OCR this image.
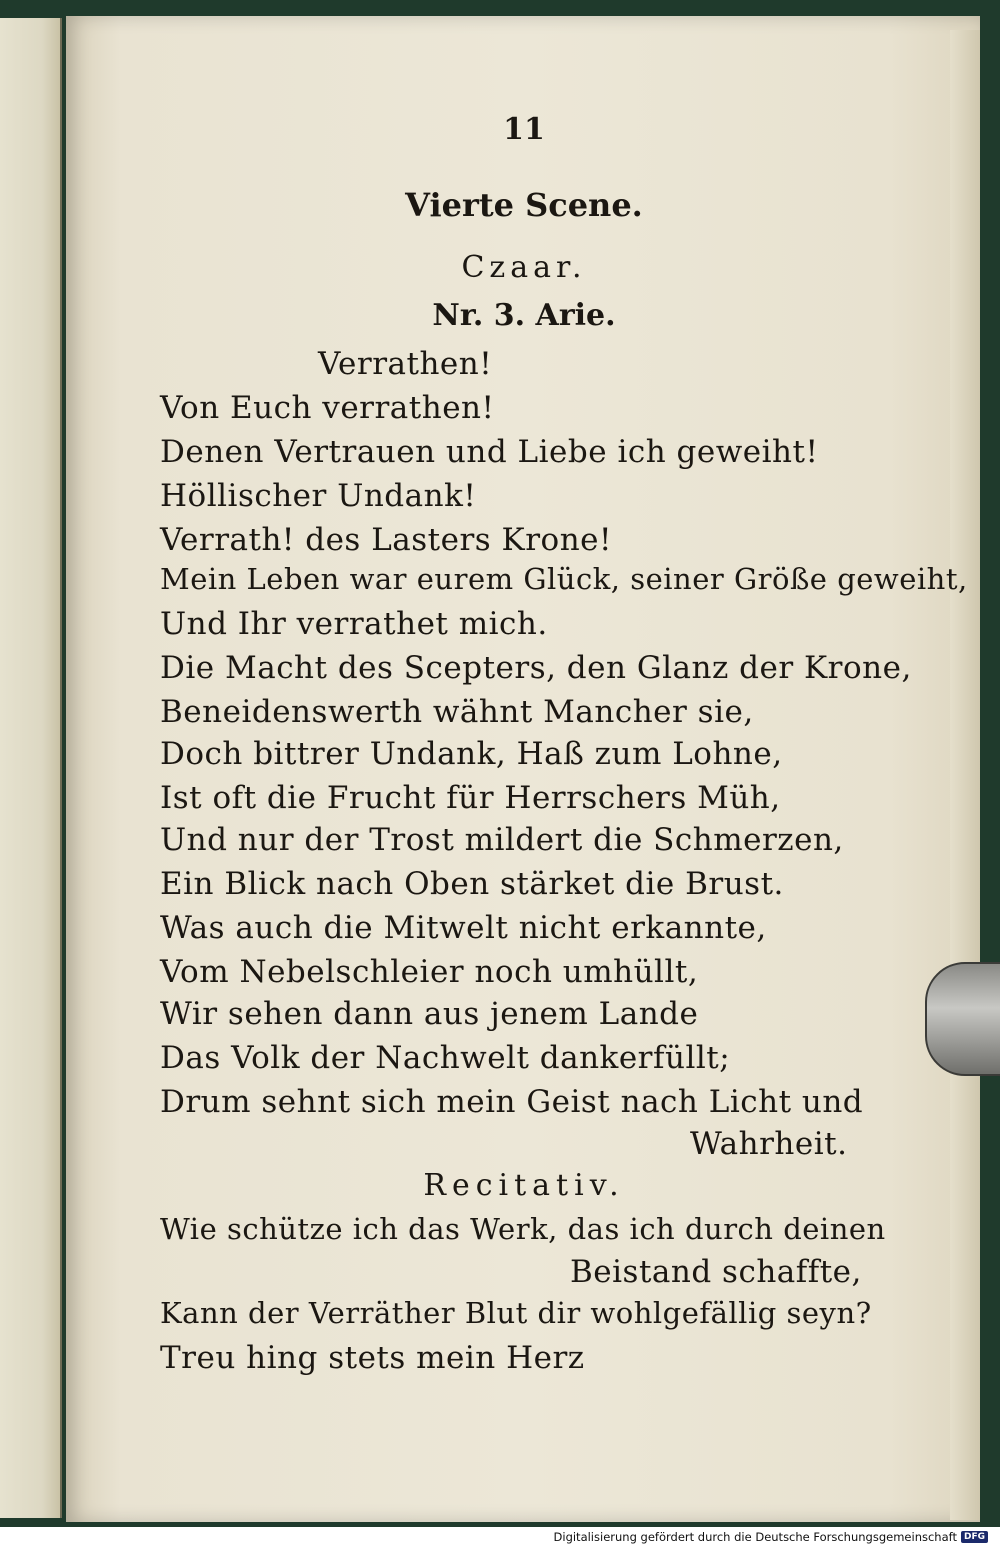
11
Vierte Scene.
Czaar.
Nr. 3. Arie.
Verrathen!
Von Euch verrathen!
Denen Vertrauen und Liebe ich geweiht!
Höllischer Undank!
Verrath! des Lasters Krone!
Mein Leben war eurem Glück, seiner Größe geweiht,
Und Ihr verrathet mich.
Die Macht des Scepters, den Glanz der Krone,
Beneidenswerth wähnt Mancher sie,
Doch bittrer Undank, Haß zum Lohne,
Ist oft die Frucht für Herrschers Müh,
Und nur der Trost mildert die Schmerzen,
Ein Blick nach Oben stärket die Brust.
Was auch die Mitwelt nicht erkannte,
Vom Nebelschleier noch umhüllt,
Wir sehen dann aus jenem Lande
Das Volk der Nachwelt dankerfüllt;
Drum sehnt sich mein Geist nach Licht und
Wahrheit.
Recitativ.
Wie schütze ich das Werk, das ich durch deinen
Beistand schaffte,
Kann der Verräther Blut dir wohlgefällig seyn?
Treu hing stets mein Herz
Digitalisierung gefördert durch die Deutsche Forschungsgemeinschaft DFG
